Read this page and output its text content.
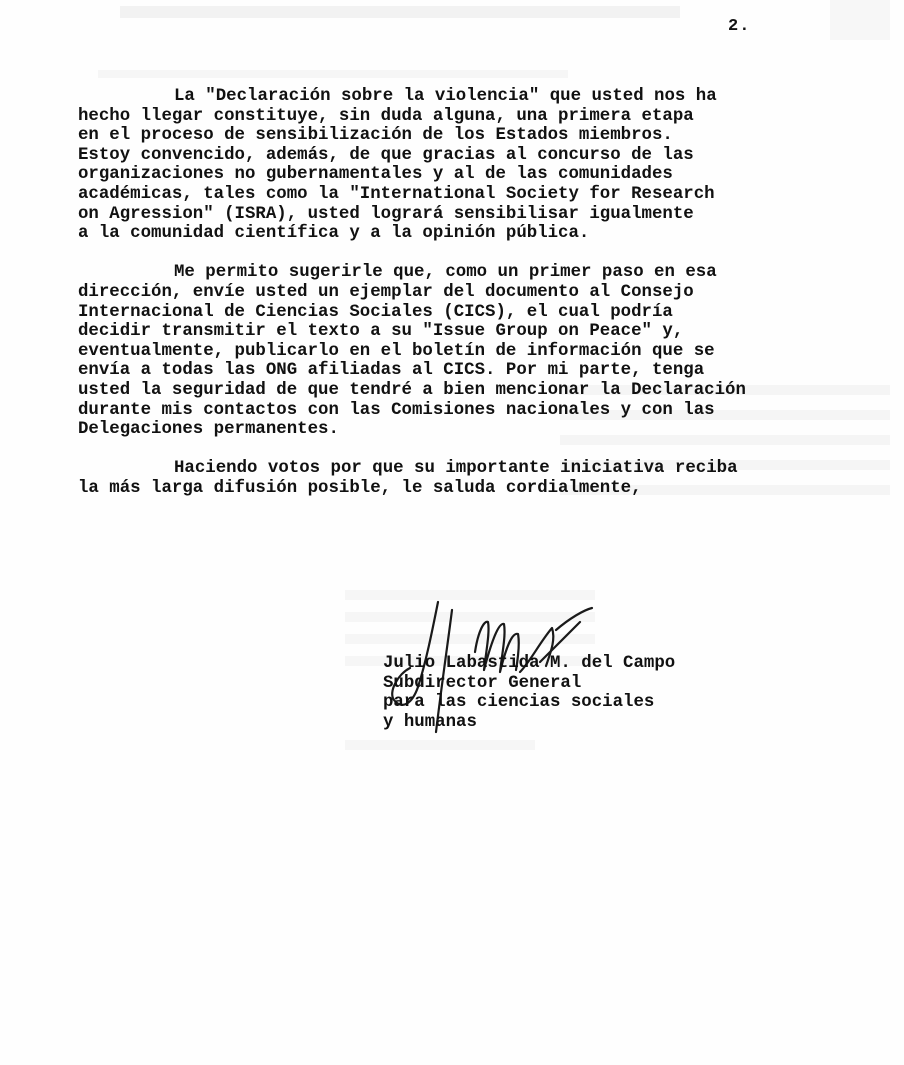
2.
La "Declaración sobre la violencia" que usted nos ha
hecho llegar constituye, sin duda alguna, una primera etapa
en el proceso de sensibilización de los Estados miembros.
Estoy convencido, además, de que gracias al concurso de las
organizaciones no gubernamentales y al de las comunidades
académicas, tales como la "International Society for Research
on Agression" (ISRA), usted logrará sensibilisar igualmente
a la comunidad científica y a la opinión pública.
Me permito sugerirle que, como un primer paso en esa
dirección, envíe usted un ejemplar del documento al Consejo
Internacional de Ciencias Sociales (CICS), el cual podría
decidir transmitir el texto a su "Issue Group on Peace" y,
eventualmente, publicarlo en el boletín de información que se
envía a todas las ONG afiliadas al CICS. Por mi parte, tenga
usted la seguridad de que tendré a bien mencionar la Declaración
durante mis contactos con las Comisiones nacionales y con las
Delegaciones permanentes.
Haciendo votos por que su importante iniciativa reciba
la más larga difusión posible, le saluda cordialmente,
Julio Labastida M. del Campo
Subdirector General
para las ciencias sociales
y humanas
